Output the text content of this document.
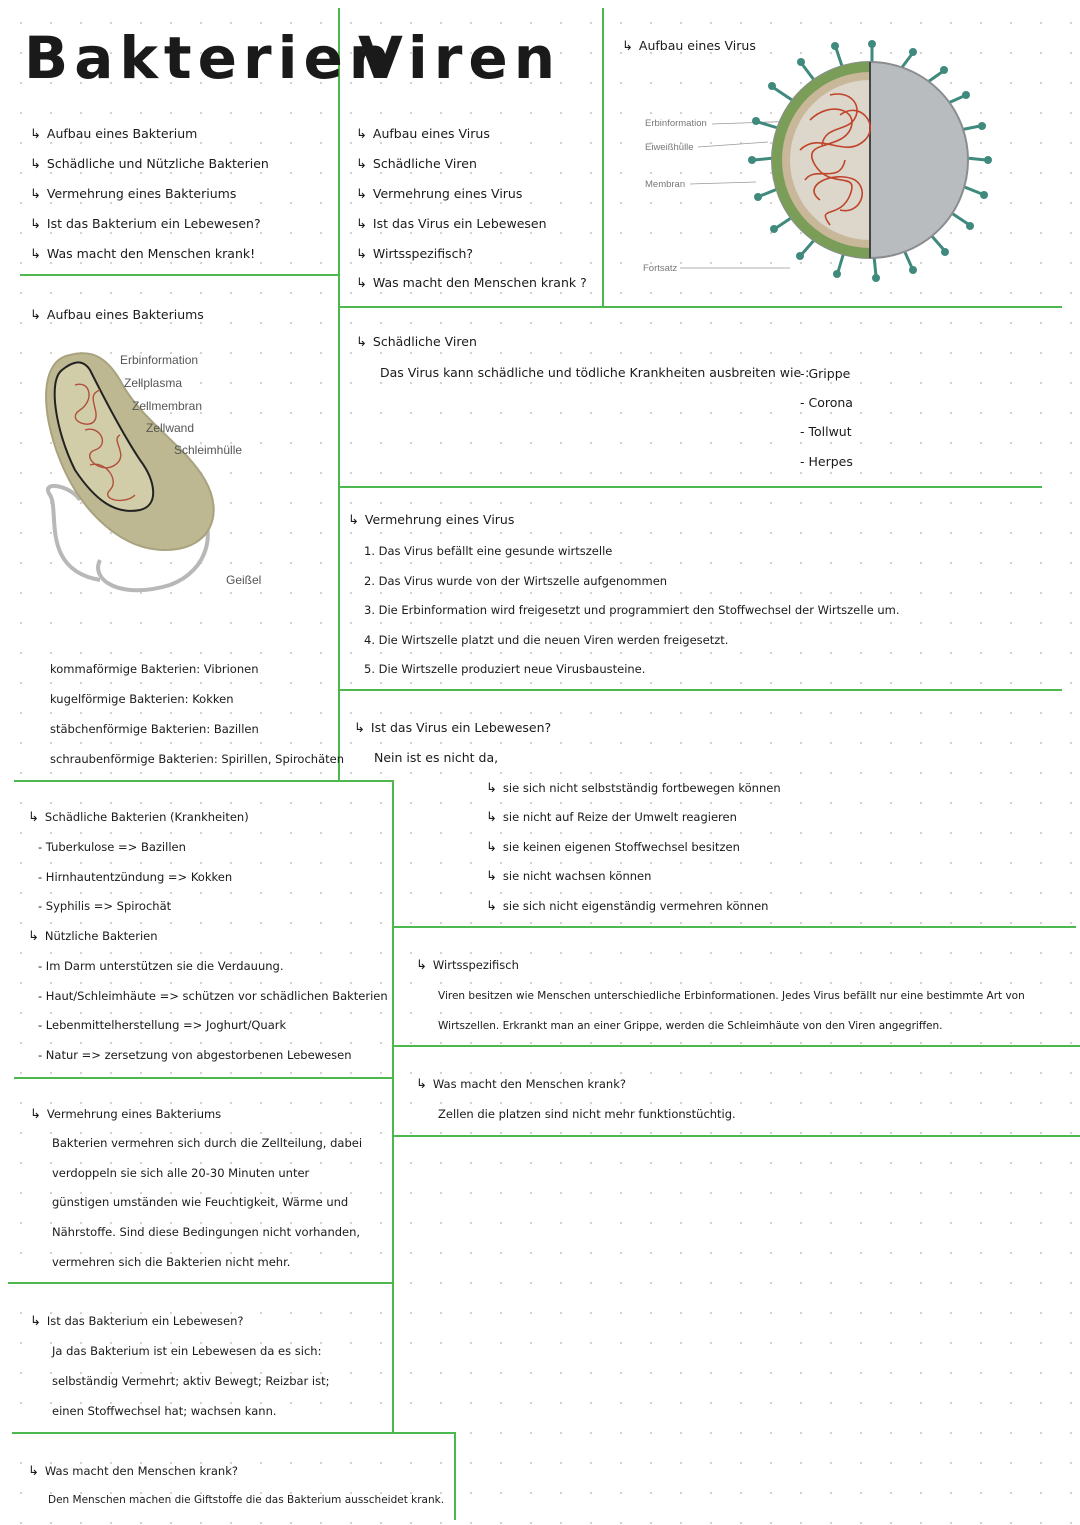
Bakterien
Viren
↳ Aufbau eines Bakterium
↳ Schädliche und Nützliche Bakterien
↳ Vermehrung eines Bakteriums
↳ Ist das Bakterium ein Lebewesen?
↳ Was macht den Menschen krank!
↳ Aufbau eines Virus
↳ Schädliche Viren
↳ Vermehrung eines Virus
↳ Ist das Virus ein Lebewesen
↳ Wirtsspezifisch?
↳ Was macht den Menschen krank ?
↳ Aufbau eines Virus
Erbinformation
Eiweißhülle
Membran
Fortsatz
↳ Aufbau eines Bakteriums
Erbinformation
Zellplasma
Zellmembran
Zellwand
Schleimhülle
Geißel
kommaförmige Bakterien: Vibrionen
kugelförmige Bakterien: Kokken
stäbchenförmige Bakterien: Bazillen
schraubenförmige Bakterien: Spirillen, Spirochäten
↳ Schädliche Viren
Das Virus kann schädliche und tödliche Krankheiten ausbreiten wie :
- Grippe
- Corona
- Tollwut
- Herpes
↳ Vermehrung eines Virus
1. Das Virus befällt eine gesunde wirtszelle
2. Das Virus wurde von der Wirtszelle aufgenommen
3. Die Erbinformation wird freigesetzt und programmiert den Stoffwechsel der Wirtszelle um.
4. Die Wirtszelle platzt und die neuen Viren werden freigesetzt.
5. Die Wirtszelle produziert neue Virusbausteine.
↳ Ist das Virus ein Lebewesen?
Nein ist es nicht da,
↳ sie sich nicht selbstständig fortbewegen können
↳ sie nicht auf Reize der Umwelt reagieren
↳ sie keinen eigenen Stoffwechsel besitzen
↳ sie nicht wachsen können
↳ sie sich nicht eigenständig vermehren können
↳ Schädliche Bakterien (Krankheiten)
- Tuberkulose => Bazillen
- Hirnhautentzündung => Kokken
- Syphilis => Spirochät
↳ Nützliche Bakterien
- Im Darm unterstützen sie die Verdauung.
- Haut/Schleimhäute => schützen vor schädlichen Bakterien
- Lebenmittelherstellung => Joghurt/Quark
- Natur => zersetzung von abgestorbenen Lebewesen
↳ Wirtsspezifisch
Viren besitzen wie Menschen unterschiedliche Erbinformationen. Jedes Virus befällt nur eine bestimmte Art von
Wirtszellen. Erkrankt man an einer Grippe, werden die Schleimhäute von den Viren angegriffen.
↳ Was macht den Menschen krank?
Zellen die platzen sind nicht mehr funktionstüchtig.
↳ Vermehrung eines Bakteriums
Bakterien vermehren sich durch die Zellteilung, dabei
verdoppeln sie sich alle 20-30 Minuten unter
günstigen umständen wie Feuchtigkeit, Wärme und
Nährstoffe. Sind diese Bedingungen nicht vorhanden,
vermehren sich die Bakterien nicht mehr.
↳ Ist das Bakterium ein Lebewesen?
Ja das Bakterium ist ein Lebewesen da es sich:
selbständig Vermehrt; aktiv Bewegt; Reizbar ist;
einen Stoffwechsel hat; wachsen kann.
↳ Was macht den Menschen krank?
Den Menschen machen die Giftstoffe die das Bakterium ausscheidet krank.
